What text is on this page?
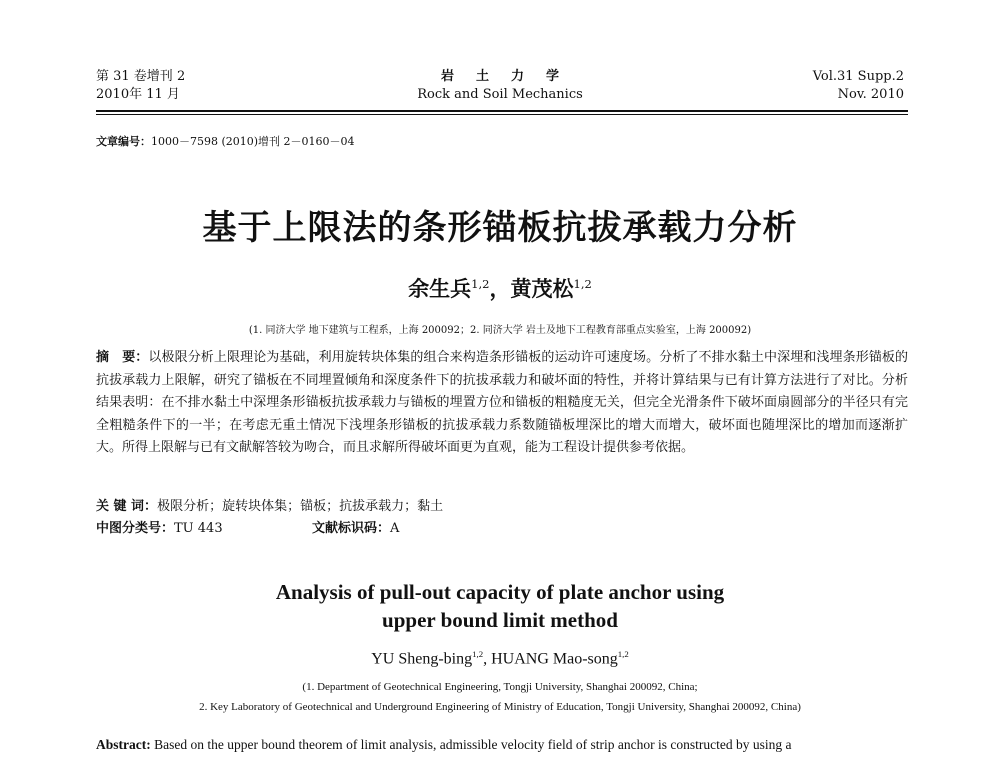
第 31 卷增刊 2
2010年 11 月
岩土力学
Rock and Soil Mechanics
Vol.31 Supp.2
Nov. 2010
文章编号：1000－7598 (2010)增刊 2－0160－04
基于上限法的条形锚板抗拔承载力分析
余生兵$^{1,2}$，黄茂松$^{1,2}$
(1. 同济大学 地下建筑与工程系，上海 200092；2. 同济大学 岩土及地下工程教育部重点实验室，上海 200092)
摘　要：以极限分析上限理论为基础，利用旋转块体集的组合来构造条形锚板的运动许可速度场。分析了不排水黏土中深埋和浅埋条形锚板的抗拔承载力上限解，研究了锚板在不同埋置倾角和深度条件下的抗拔承载力和破坏面的特性，并将计算结果与已有计算方法进行了对比。分析结果表明：在不排水黏土中深埋条形锚板抗拔承载力与锚板的埋置方位和锚板的粗糙度无关，但完全光滑条件下破坏面扇圆部分的半径只有完全粗糙条件下的一半；在考虑无重土情况下浅埋条形锚板的抗拔承载力系数随锚板埋深比的增大而增大，破坏面也随埋深比的增加而逐渐扩大。所得上限解与已有文献解答较为吻合，而且求解所得破坏面更为直观，能为工程设计提供参考依据。
关 键 词：极限分析；旋转块体集；锚板；抗拔承载力；黏土
中图分类号：TU 443	文献标识码：A
Analysis of pull-out capacity of plate anchor using
upper bound limit method
YU Sheng-bing$^{1,2}$, HUANG Mao-song$^{1,2}$
(1. Department of Geotechnical Engineering, Tongji University, Shanghai 200092, China;
2. Key Laboratory of Geotechnical and Underground Engineering of Ministry of Education, Tongji University, Shanghai 200092, China)
Abstract: Based on the upper bound theorem of limit analysis, admissible velocity field of strip anchor is constructed by using a
